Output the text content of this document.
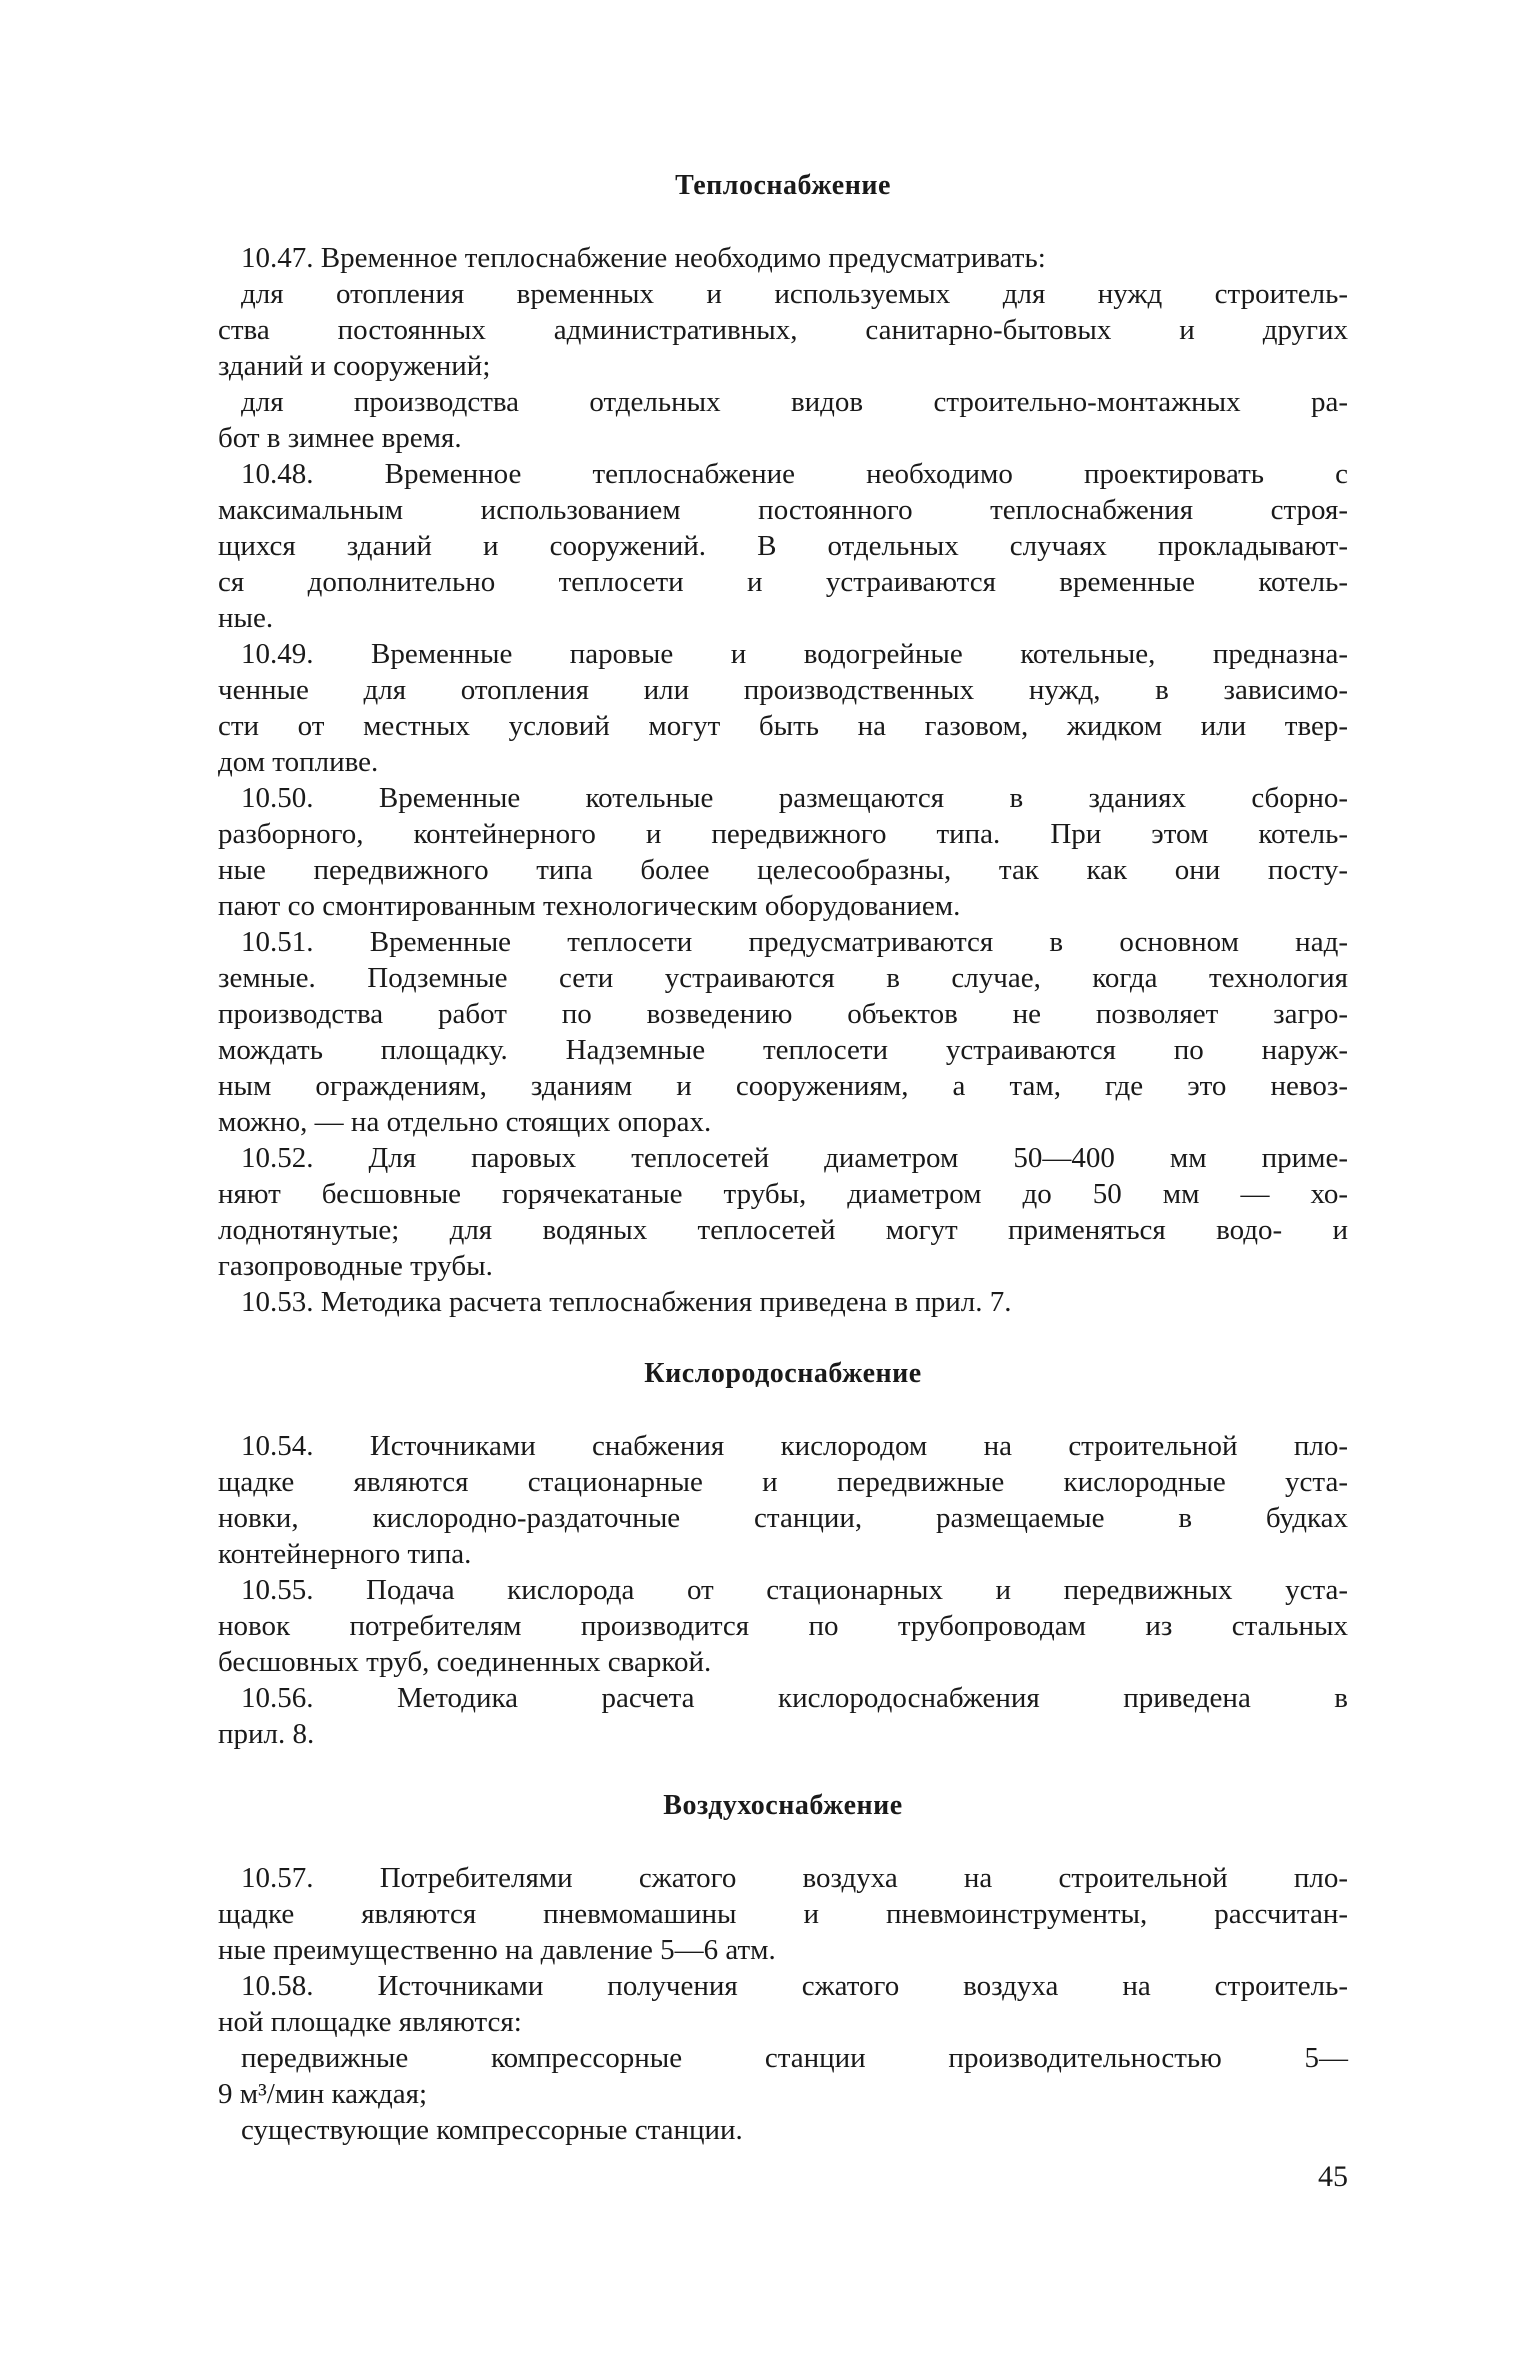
Теплоснабжение
10.47. Временное теплоснабжение необходимо предусматривать:
для отопления временных и используемых для нужд строитель-
ства постоянных административных, санитарно-бытовых и других
зданий и сооружений;
для производства отдельных видов строительно-монтажных ра-
бот в зимнее время.
10.48. Временное теплоснабжение необходимо проектировать с
максимальным использованием постоянного теплоснабжения строя-
щихся зданий и сооружений. В отдельных случаях прокладывают-
ся дополнительно теплосети и устраиваются временные котель-
ные.
10.49. Временные паровые и водогрейные котельные, предназна-
ченные для отопления или производственных нужд, в зависимо-
сти от местных условий могут быть на газовом, жидком или твер-
дом топливе.
10.50. Временные котельные размещаются в зданиях сборно-
разборного, контейнерного и передвижного типа. При этом котель-
ные передвижного типа более целесообразны, так как они посту-
пают со смонтированным технологическим оборудованием.
10.51. Временные теплосети предусматриваются в основном над-
земные. Подземные сети устраиваются в случае, когда технология
производства работ по возведению объектов не позволяет загро-
мождать площадку. Надземные теплосети устраиваются по наруж-
ным ограждениям, зданиям и сооружениям, а там, где это невоз-
можно, — на отдельно стоящих опорах.
10.52. Для паровых теплосетей диаметром 50—400 мм приме-
няют бесшовные горячекатаные трубы, диаметром до 50 мм — хо-
лоднотянутые; для водяных теплосетей могут применяться водо- и
газопроводные трубы.
10.53. Методика расчета теплоснабжения приведена в прил. 7.
Кислородоснабжение
10.54. Источниками снабжения кислородом на строительной пло-
щадке являются стационарные и передвижные кислородные уста-
новки, кислородно-раздаточные станции, размещаемые в будках
контейнерного типа.
10.55. Подача кислорода от стационарных и передвижных уста-
новок потребителям производится по трубопроводам из стальных
бесшовных труб, соединенных сваркой.
10.56. Методика расчета кислородоснабжения приведена в
прил. 8.
Воздухоснабжение
10.57. Потребителями сжатого воздуха на строительной пло-
щадке являются пневмомашины и пневмоинструменты, рассчитан-
ные преимущественно на давление 5—6 атм.
10.58. Источниками получения сжатого воздуха на строитель-
ной площадке являются:
передвижные компрессорные станции производительностью 5—
9 м³/мин каждая;
существующие компрессорные станции.
45
